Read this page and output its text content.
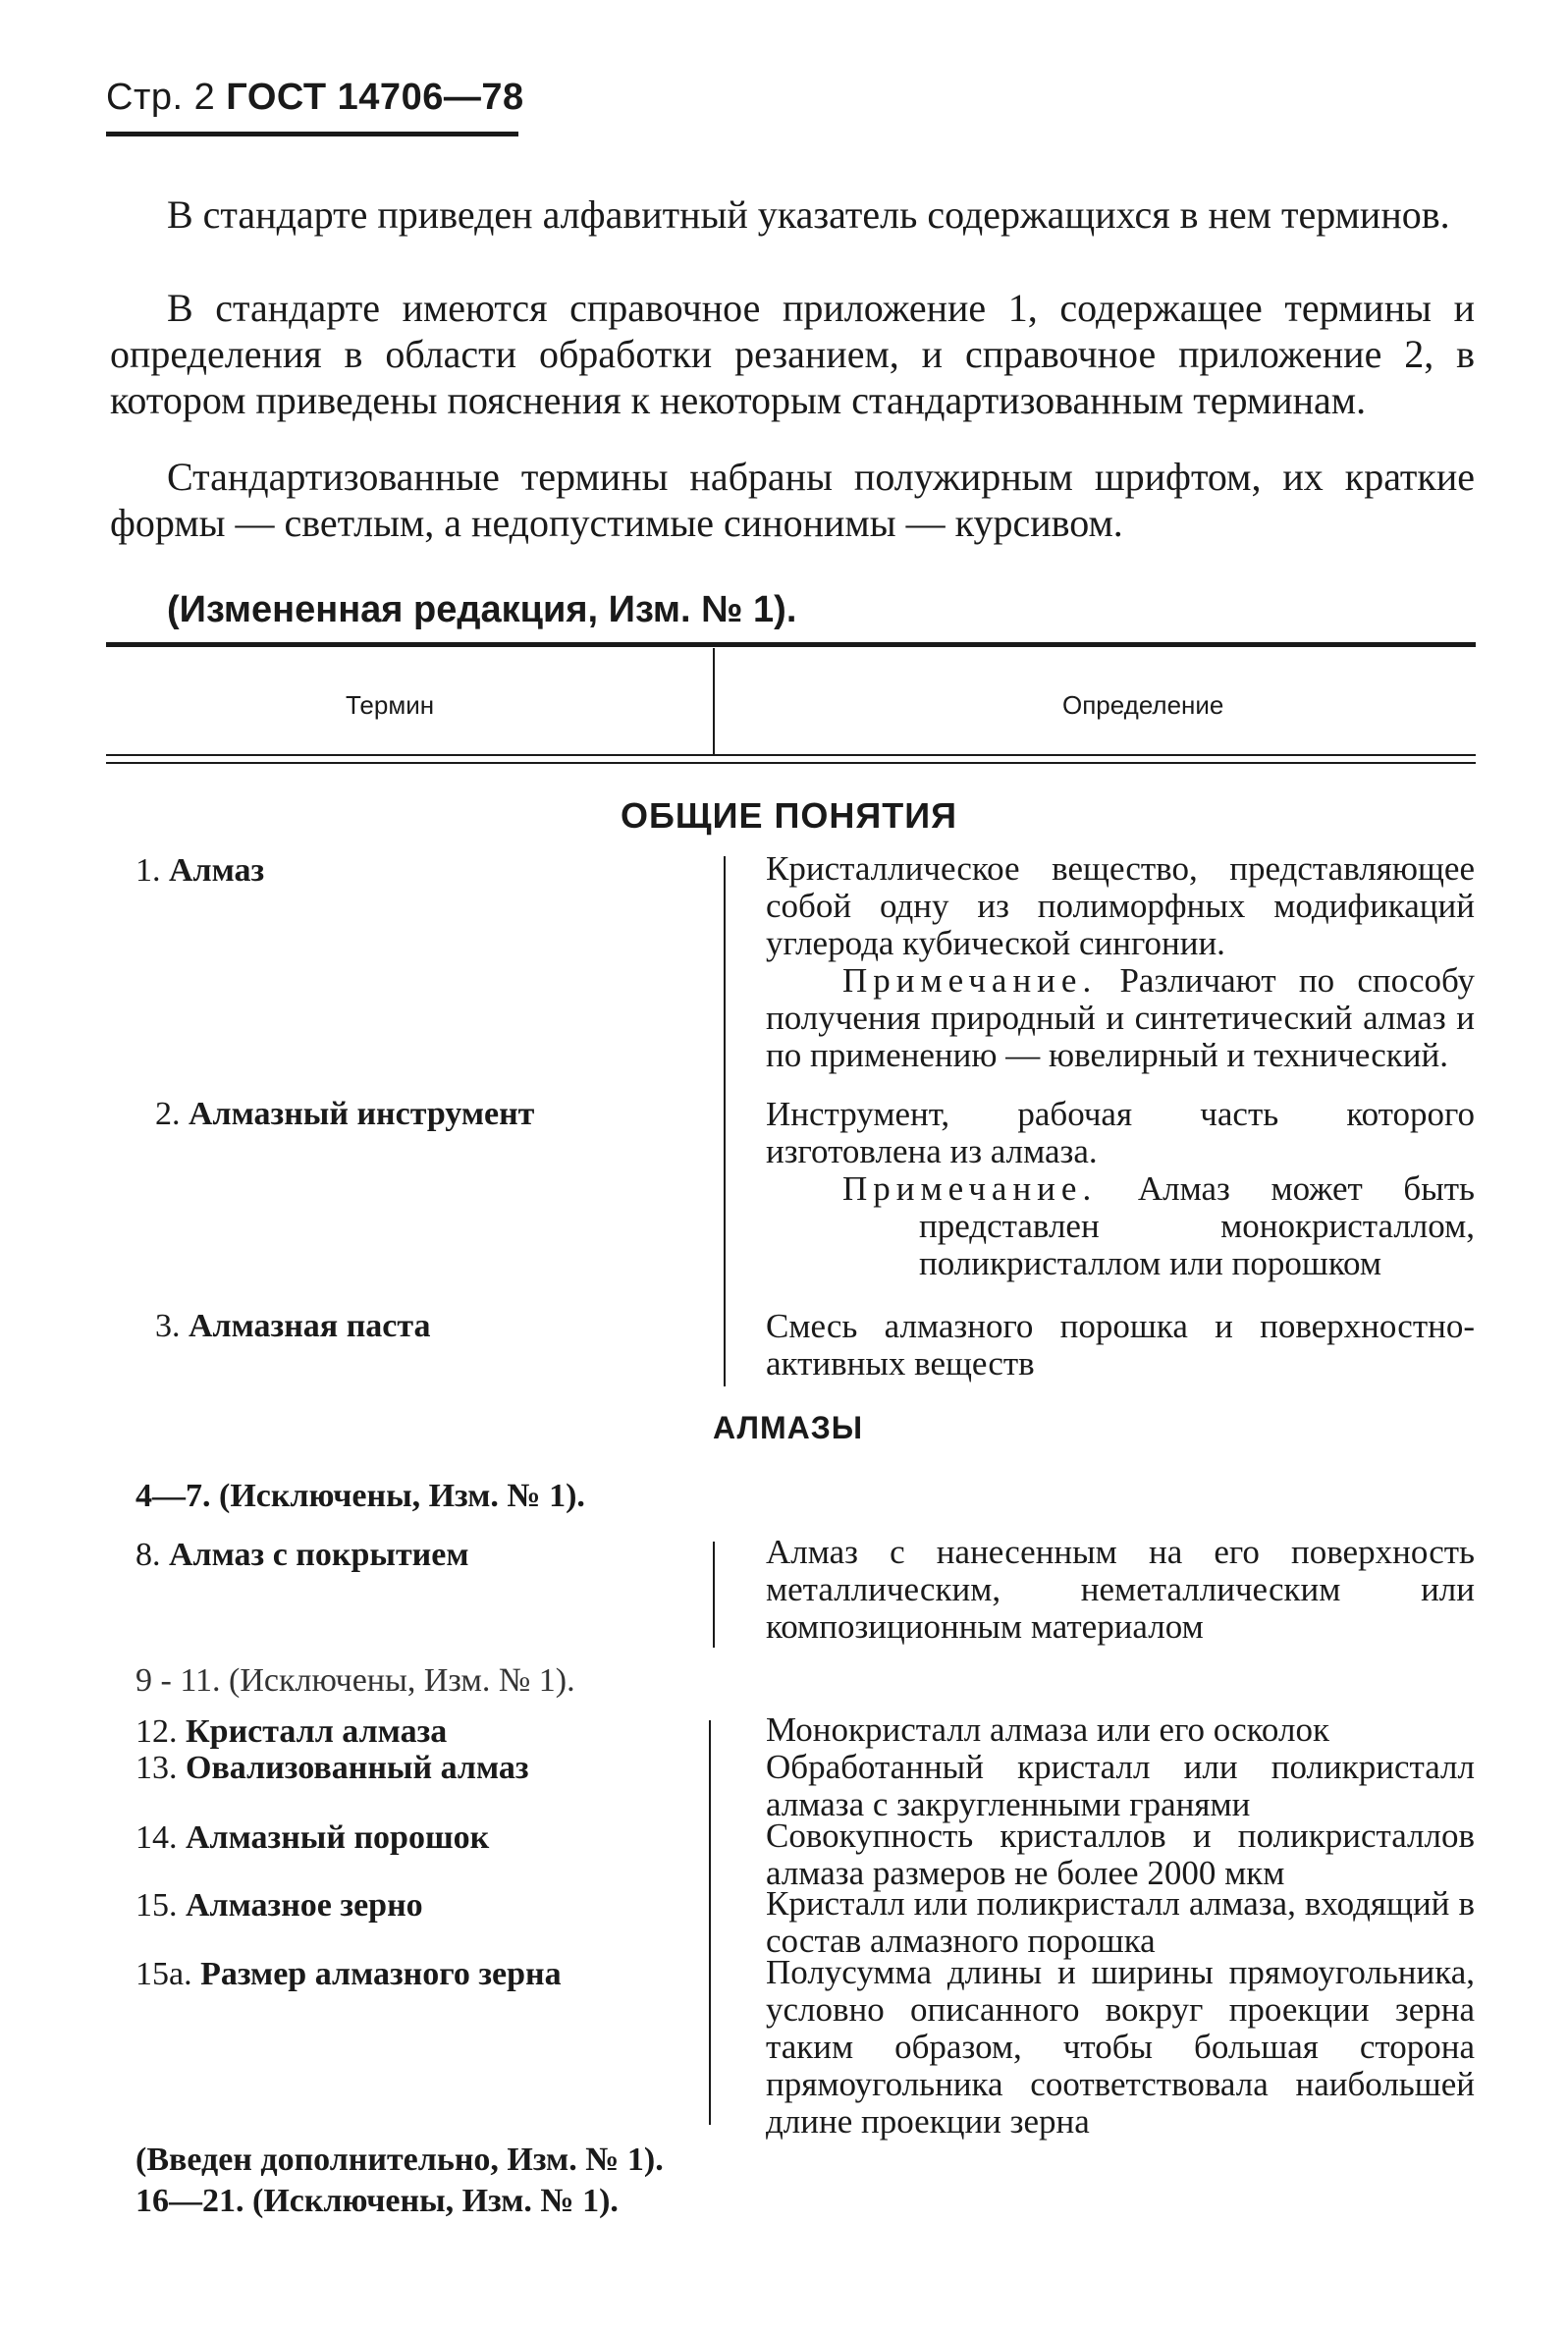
Стр. 2 ГОСТ 14706—78

В стандарте приведен алфавитный указатель содержащихся в нем терминов.

В стандарте имеются справочное приложение 1, содержащее термины и определения в области обработки резанием, и справочное приложение 2, в котором приведены пояснения к некоторым стандартизованным терминам.

Стандартизованные термины набраны полужирным шрифтом, их краткие формы — светлым, а недопустимые синонимы — курсивом.

(Измененная редакция, Изм. № 1).

Термин	Определение
ОБЩИЕ ПОНЯТИЯ
1. Алмаз	Кристаллическое вещество, представляющее собой одну из полиморфных модификаций углерода кубической сингонии.

Примечание. Различают по способу получения природный и синтетический алмаз и по применению — ювелирный и технический.

2. Алмазный инструмент	Инструмент, рабочая часть которого изготовлена из алмаза.

Примечание. Алмаз может быть представлен монокристаллом, поликристаллом или порошком

3. Алмазная паста	Смесь алмазного порошка и поверхностно-активных веществ

АЛМАЗЫ
4—7. (Исключены, Изм. № 1).
8. Алмаз с покрытием	Алмаз с нанесенным на его поверхность металлическим, неметаллическим или композиционным материалом

9 - 11. (Исключены, Изм. № 1).
12. Кристалл алмаза	Монокристалл алмаза или его осколок

13. Овализованный алмаз	Обработанный кристалл или поликристалл алмаза с закругленными гранями

14. Алмазный порошок	Совокупность кристаллов и поликристаллов алмаза размеров не более 2000 мкм

15. Алмазное зерно	Кристалл или поликристалл алмаза, входящий в состав алмазного порошка

15а. Размер алмазного зерна	Полусумма длины и ширины прямоугольника, условно описанного вокруг проекции зерна таким образом, чтобы большая сторона прямоугольника соответствовала наибольшей длине проекции зерна

(Введен дополнительно, Изм. № 1).
16—21. (Исключены, Изм. № 1).
